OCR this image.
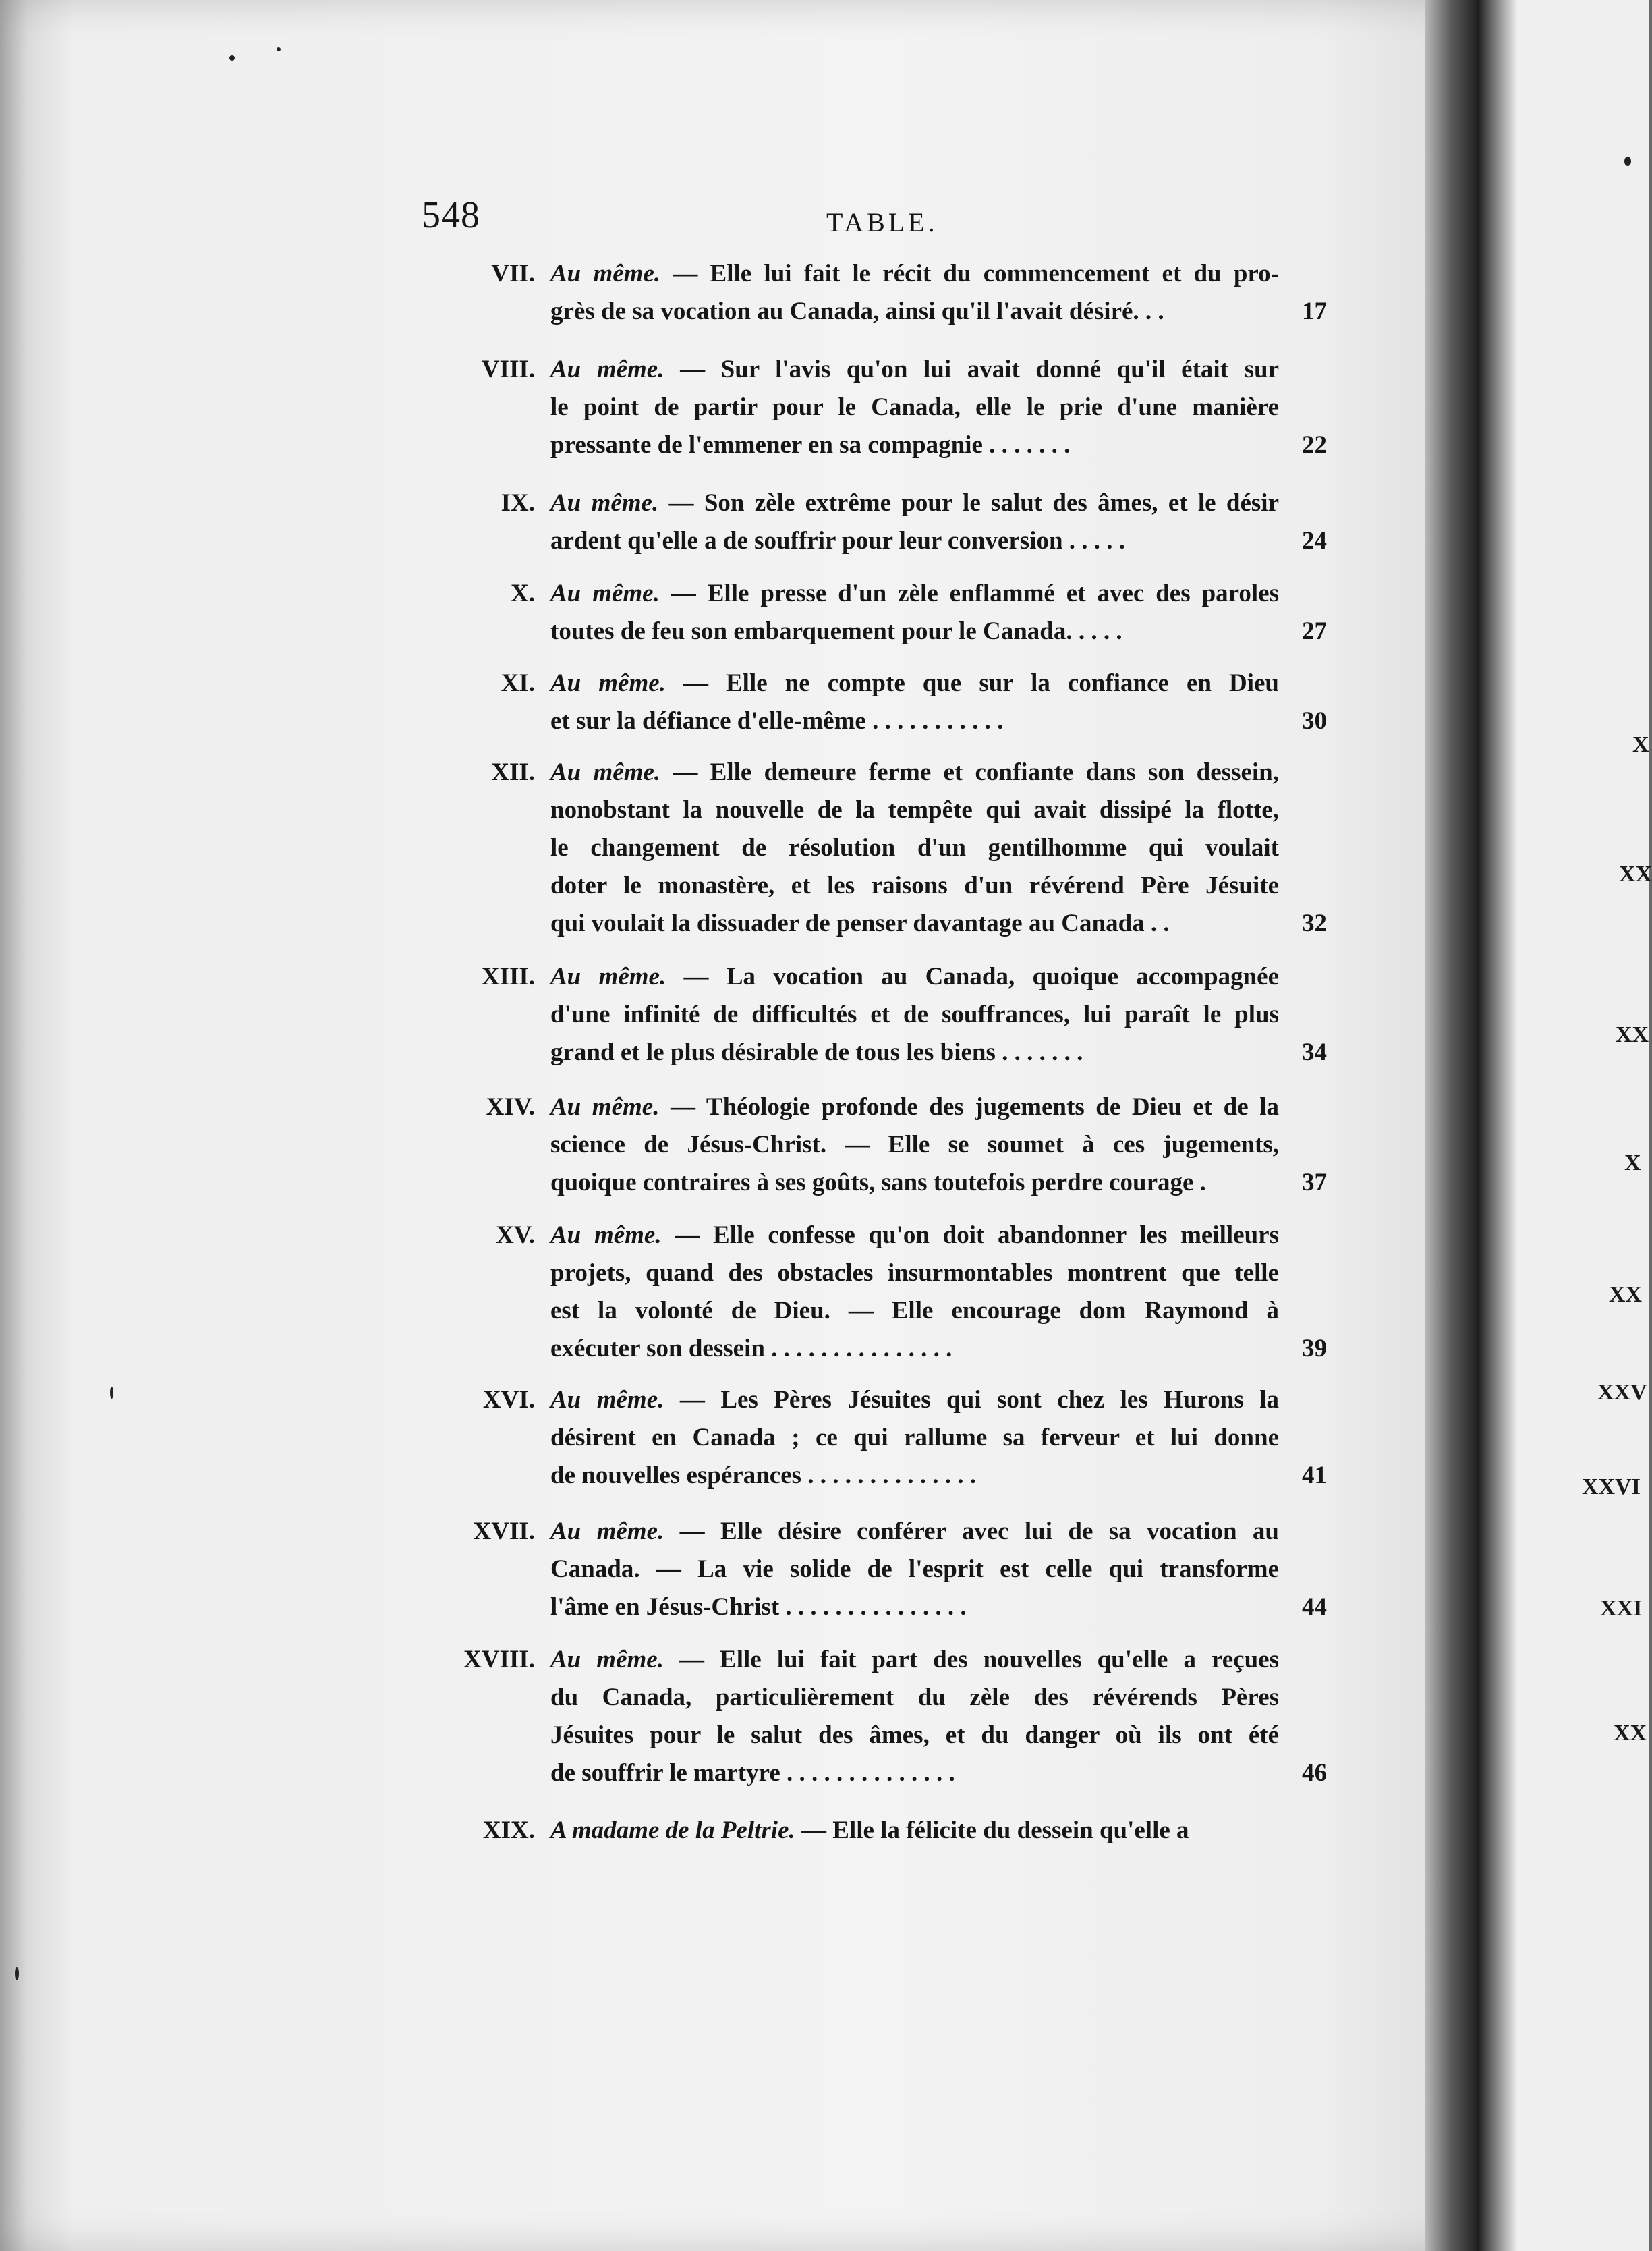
548	TABLE.
VII. Au même. — Elle lui fait le récit du commencement et du pro-
grès de sa vocation au Canada, ainsi qu'il l'avait désiré. . .	17
VIII. Au même. — Sur l'avis qu'on lui avait donné qu'il était sur
le point de partir pour le Canada, elle le prie d'une manière
pressante de l'emmener en sa compagnie . . . . . . .	22
IX. Au même. — Son zèle extrême pour le salut des âmes, et le désir
ardent qu'elle a de souffrir pour leur conversion . . . . .	24
X. Au même. — Elle presse d'un zèle enflammé et avec des paroles
toutes de feu son embarquement pour le Canada. . . . .	27
XI. Au même. — Elle ne compte que sur la confiance en Dieu
et sur la défiance d'elle-même . . . . . . . . . . .	30
XII. Au même. — Elle demeure ferme et confiante dans son dessein,
nonobstant la nouvelle de la tempête qui avait dissipé la flotte,
le changement de résolution d'un gentilhomme qui voulait
doter le monastère, et les raisons d'un révérend Père Jésuite
qui voulait la dissuader de penser davantage au Canada . .	32
XIII. Au même. — La vocation au Canada, quoique accompagnée
d'une infinité de difficultés et de souffrances, lui paraît le plus
grand et le plus désirable de tous les biens . . . . . . .	34
XIV. Au même. — Théologie profonde des jugements de Dieu et de la
science de Jésus-Christ. — Elle se soumet à ces jugements,
quoique contraires à ses goûts, sans toutefois perdre courage .	37
XV. Au même. — Elle confesse qu'on doit abandonner les meilleurs
projets, quand des obstacles insurmontables montrent que telle
est la volonté de Dieu. — Elle encourage dom Raymond à
exécuter son dessein . . . . . . . . . . . . . . .	39
XVI. Au même. — Les Pères Jésuites qui sont chez les Hurons la
désirent en Canada ; ce qui rallume sa ferveur et lui donne
de nouvelles espérances . . . . . . . . . . . . . .	41
XVII. Au même. — Elle désire conférer avec lui de sa vocation au
Canada. — La vie solide de l'esprit est celle qui transforme
l'âme en Jésus-Christ . . . . . . . . . . . . . . .	44
XVIII. Au même. — Elle lui fait part des nouvelles qu'elle a reçues
du Canada, particulièrement du zèle des révérends Pères
Jésuites pour le salut des âmes, et du danger où ils ont été
de souffrir le martyre . . . . . . . . . . . . . .	46
XIX. A madame de la Peltrie. — Elle la félicite du dessein qu'elle a
X
XX
XX
X
XX
XXV
XXVI
XXI
XX
